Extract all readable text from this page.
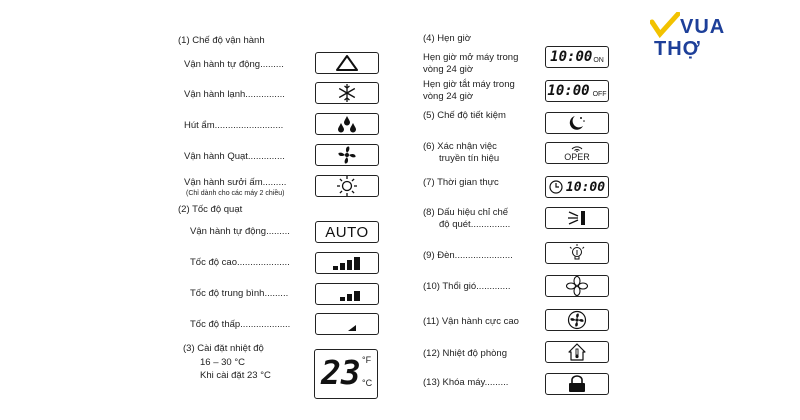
VUA
THỢ
(1) Chế độ vận hành
Vận hành tự động.........
Vận hành lạnh...............
Hút ẩm..........................
Vận hành Quạt..............
Vận hành sưởi ấm.........
(Chỉ dành cho các máy 2 chiều)
(2) Tốc độ quạt
Vận hành tự động......... AUTO
Tốc độ cao....................
Tốc độ trung bình.........
Tốc độ thấp...................
(3) Cài đặt nhiệt độ
16 – 30 °C
Khi cài đặt 23 °C 23 °F
°C
(4) Hẹn giờ
Hẹn giờ mở máy trong
vòng 24 giờ
10:00 ON
Hẹn giờ tắt máy trong
vòng 24 giờ	10:00 OFF
(5) Chế độ tiết kiệm
(6) Xác nhận việc
truyền tín hiệu	OPER
(7) Thời gian thực	10:00
(8) Dấu hiệu chỉ chế
độ quét...............
(9) Đèn......................
(10) Thổi gió.............
(11) Vận hành cực cao
(12) Nhiệt độ phòng
(13) Khóa máy.........
